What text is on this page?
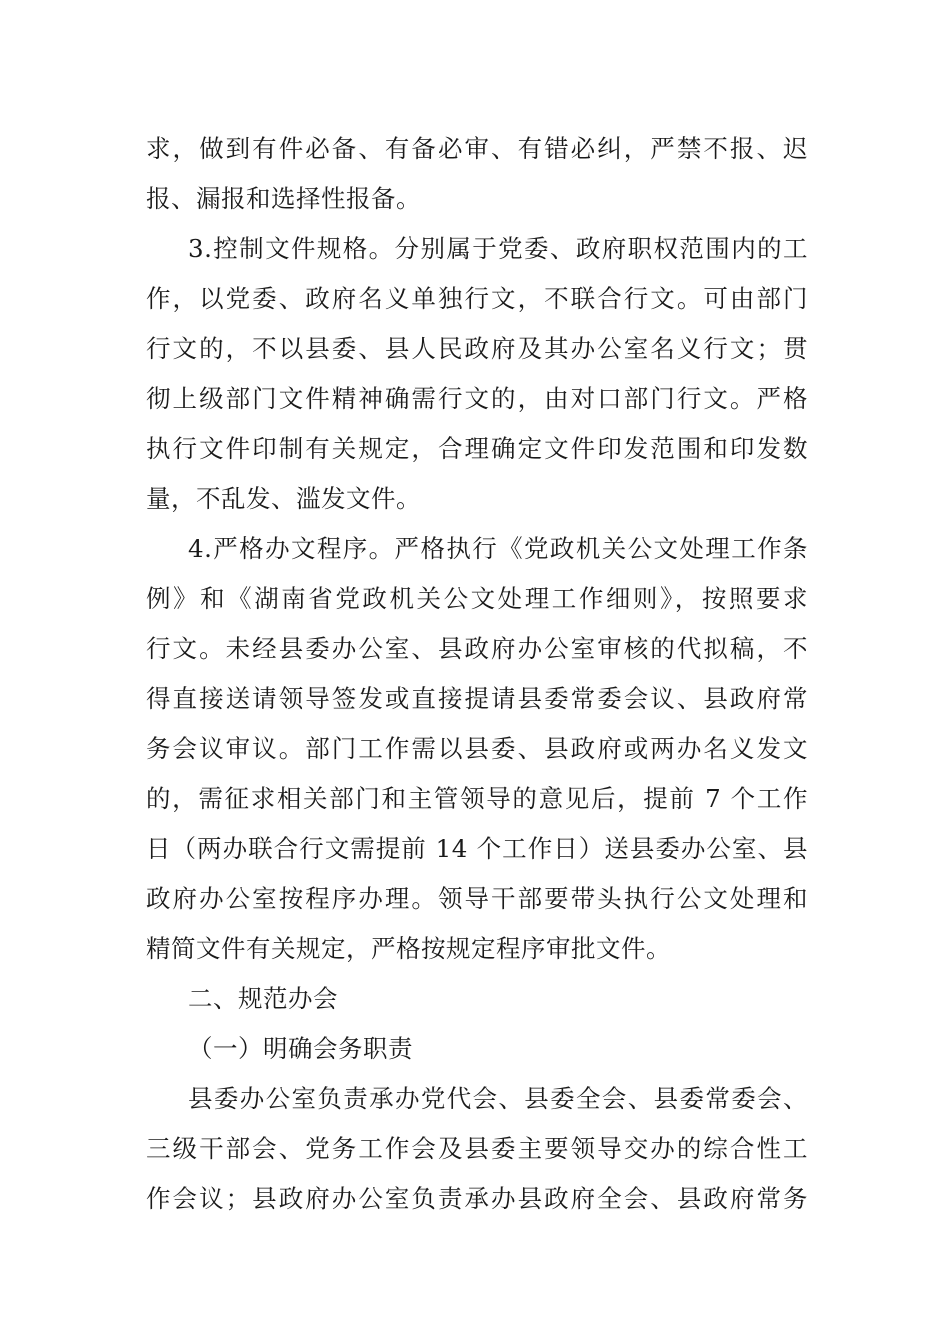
求，做到有件必备、有备必审、有错必纠，严禁不报、迟
报、漏报和选择性报备。
3.控制文件规格。分别属于党委、政府职权范围内的工
作，以党委、政府名义单独行文，不联合行文。可由部门
行文的，不以县委、县人民政府及其办公室名义行文；贯
彻上级部门文件精神确需行文的，由对口部门行文。严格
执行文件印制有关规定，合理确定文件印发范围和印发数
量，不乱发、滥发文件。
4.严格办文程序。严格执行《党政机关公文处理工作条
例》和《湖南省党政机关公文处理工作细则》，按照要求
行文。未经县委办公室、县政府办公室审核的代拟稿，不
得直接送请领导签发或直接提请县委常委会议、县政府常
务会议审议。部门工作需以县委、县政府或两办名义发文
的，需征求相关部门和主管领导的意见后，提前 7 个工作
日（两办联合行文需提前 14 个工作日）送县委办公室、县
政府办公室按程序办理。领导干部要带头执行公文处理和
精简文件有关规定，严格按规定程序审批文件。
二、规范办会
（一）明确会务职责
县委办公室负责承办党代会、县委全会、县委常委会、
三级干部会、党务工作会及县委主要领导交办的综合性工
作会议；县政府办公室负责承办县政府全会、县政府常务
